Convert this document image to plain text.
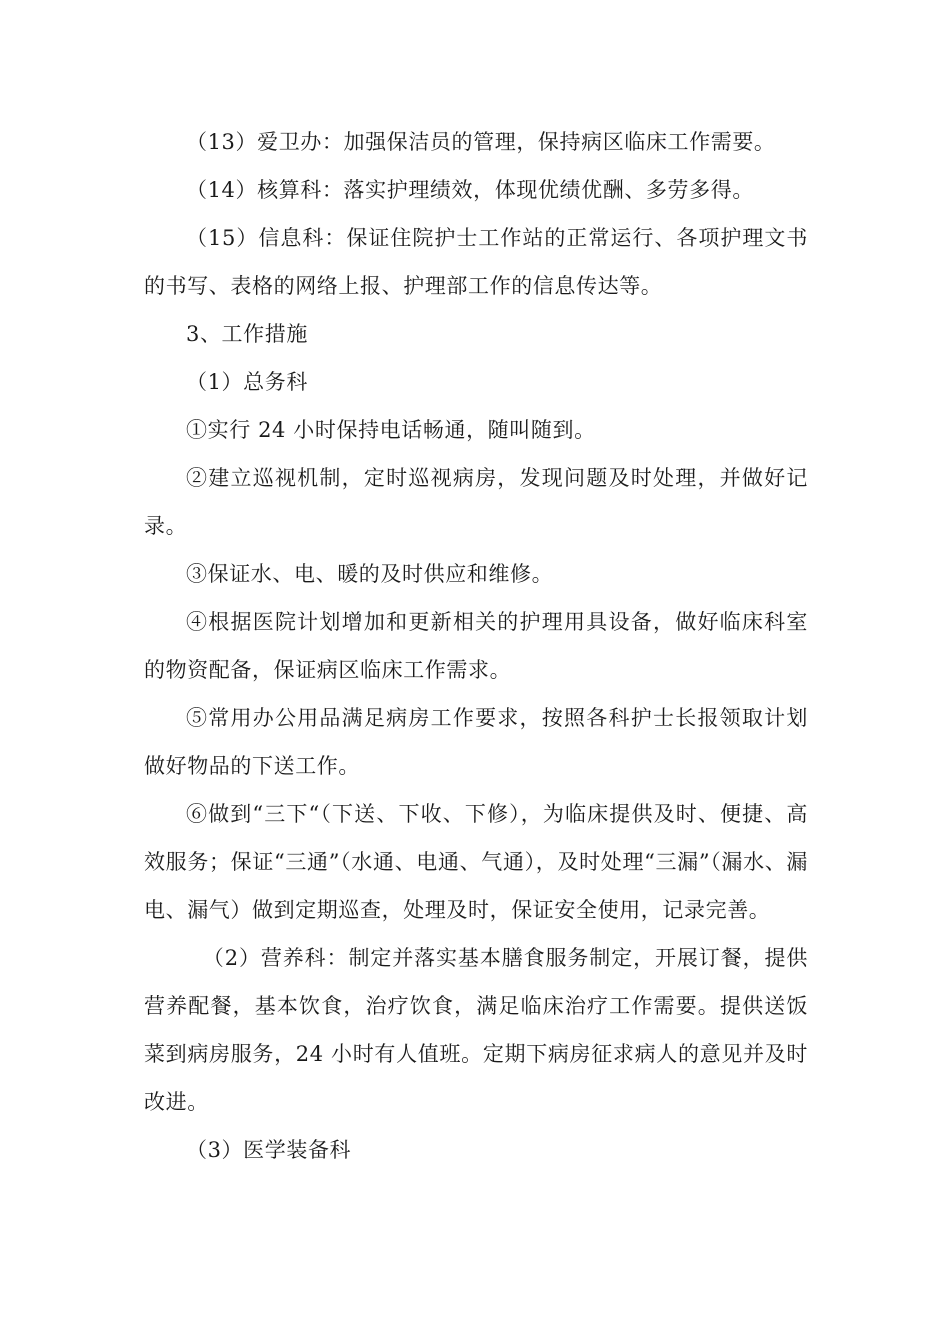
（13）爱卫办：加强保洁员的管理，保持病区临床工作需要。

（14）核算科：落实护理绩效，体现优绩优酬、多劳多得。

（15）信息科：保证住院护士工作站的正常运行、各项护理文书的书写、表格的网络上报、护理部工作的信息传达等。

3、工作措施

（1）总务科

①实行 24 小时保持电话畅通，随叫随到。

②建立巡视机制，定时巡视病房，发现问题及时处理，并做好记录。

③保证水、电、暖的及时供应和维修。

④根据医院计划增加和更新相关的护理用具设备，做好临床科室的物资配备，保证病区临床工作需求。

⑤常用办公用品满足病房工作要求，按照各科护士长报领取计划做好物品的下送工作。

⑥做到“三下“（下送、下收、下修），为临床提供及时、便捷、高效服务；保证“三通”（水通、电通、气通），及时处理“三漏”（漏水、漏电、漏气）做到定期巡查，处理及时，保证安全使用，记录完善。

（2）营养科：制定并落实基本膳食服务制定，开展订餐，提供营养配餐，基本饮食，治疗饮食，满足临床治疗工作需要。提供送饭菜到病房服务，24 小时有人值班。定期下病房征求病人的意见并及时改进。

（3）医学装备科
